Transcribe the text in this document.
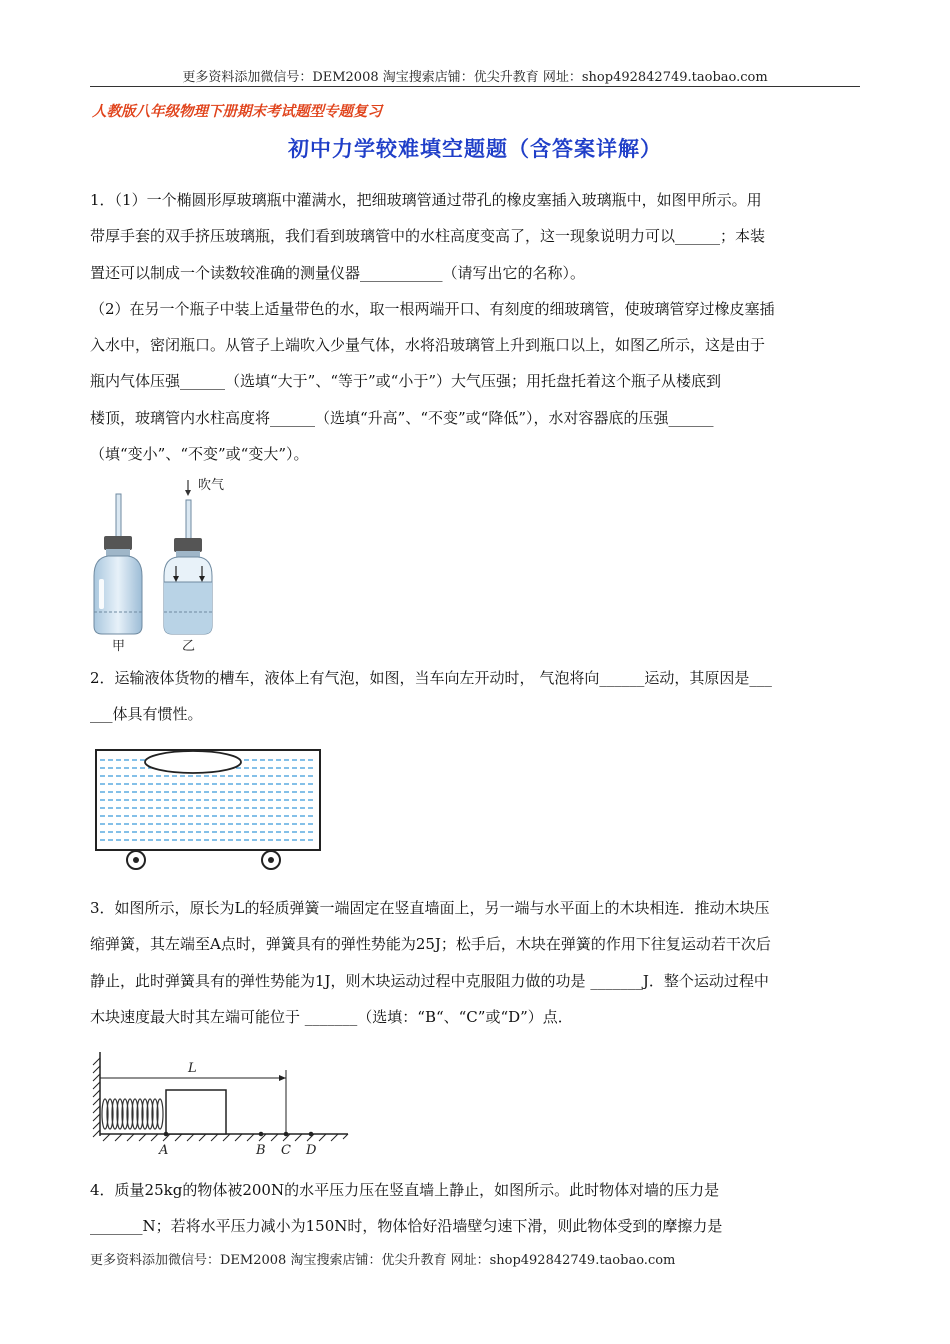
更多资料添加微信号：DEM2008 淘宝搜索店铺：优尖升教育 网址：shop492842749.taobao.com
人教版八年级物理下册期末考试题型专题复习
初中力学较难填空题题（含答案详解）
1．（1）一个椭圆形厚玻璃瓶中灌满水，把细玻璃管通过带孔的橡皮塞插入玻璃瓶中，如图甲所示。用
带厚手套的双手挤压玻璃瓶，我们看到玻璃管中的水柱高度变高了，这一现象说明力可以______；本装
置还可以制成一个读数较准确的测量仪器___________（请写出它的名称）。
（2）在另一个瓶子中装上适量带色的水，取一根两端开口、有刻度的细玻璃管，使玻璃管穿过橡皮塞插
入水中，密闭瓶口。从管子上端吹入少量气体，水将沿玻璃管上升到瓶口以上，如图乙所示，这是由于
瓶内气体压强______（选填“大于”、“等于”或“小于”）大气压强；用托盘托着这个瓶子从楼底到
楼顶，玻璃管内水柱高度将______（选填“升高”、“不变”或“降低”），水对容器底的压强______
（填“变小”、“不变”或“变大”）。
吹气
甲	乙
2．运输液体货物的槽车，液体上有气泡，如图，当车向左开动时， 气泡将向______运动，其原因是___
___体具有惯性。
3．如图所示，原长为L的轻质弹簧一端固定在竖直墙面上，另一端与水平面上的木块相连．推动木块压
缩弹簧，其左端至A点时，弹簧具有的弹性势能为25J；松手后，木块在弹簧的作用下往复运动若干次后
静止，此时弹簧具有的弹性势能为1J，则木块运动过程中克服阻力做的功是 _______J．整个运动过程中
木块速度最大时其左端可能位于 _______（选填：“B“、“C”或“D”）点．
L
A	B C D
4．质量25kg的物体被200N的水平压力压在竖直墙上静止，如图所示。此时物体对墙的压力是
_______N；若将水平压力减小为150N时，物体恰好沿墙壁匀速下滑，则此物体受到的摩擦力是
更多资料添加微信号：DEM2008 淘宝搜索店铺：优尖升教育 网址：shop492842749.taobao.com
